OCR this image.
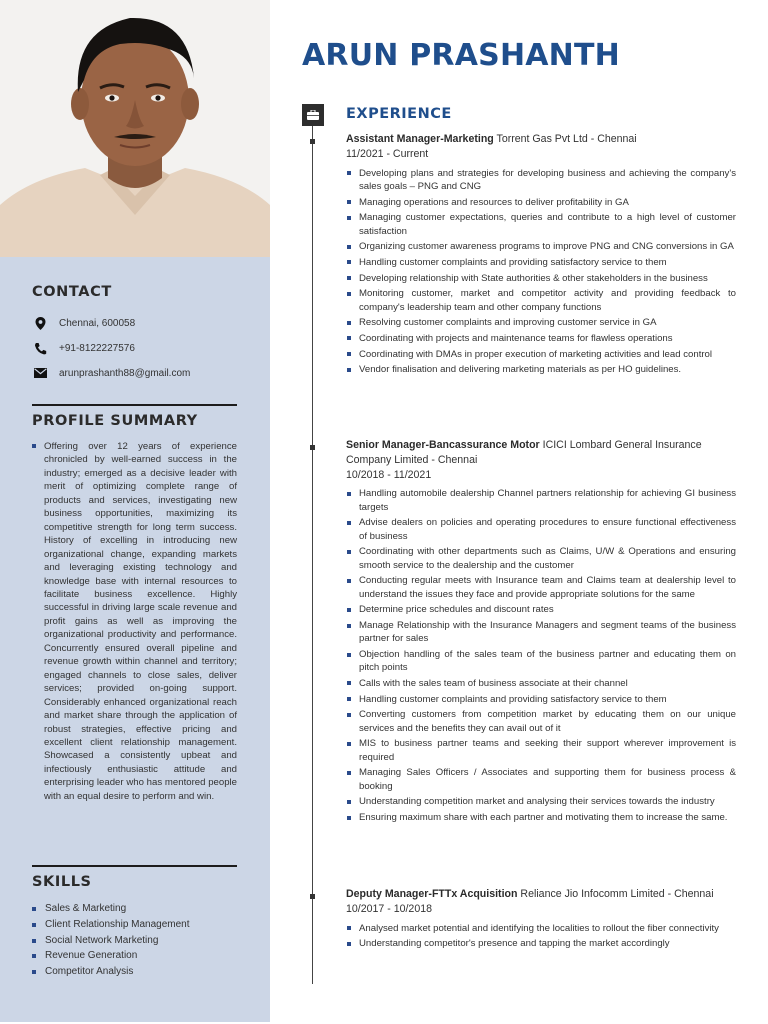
CONTACT
Chennai, 600058
+91-8122227576
arunprashanth88@gmail.com
PROFILE SUMMARY
Offering over 12 years of experience chronicled by well-earned success in the industry; emerged as a decisive leader with merit of optimizing complete range of products and services, investigating new business opportunities, maximizing its competitive strength for long term success. History of excelling in introducing new organizational change, expanding markets and leveraging existing technology and knowledge base with internal resources to facilitate business excellence. Highly successful in driving large scale revenue and profit gains as well as improving the organizational productivity and performance. Concurrently ensured overall pipeline and revenue growth within channel and territory; engaged channels to close sales, deliver services; provided on-going support. Considerably enhanced organizational reach and market share through the application of robust strategies, effective pricing and excellent client relationship management. Showcased a consistently upbeat and infectiously enthusiastic attitude and enterprising leader who has mentored people with an equal desire to perform and win.
SKILLS
Sales & Marketing
Client Relationship Management
Social Network Marketing
Revenue Generation
Competitor Analysis
ARUN PRASHANTH
EXPERIENCE
Assistant Manager-Marketing Torrent Gas Pvt Ltd - Chennai
11/2021 - Current
Developing plans and strategies for developing business and achieving the company's sales goals – PNG and CNG
Managing operations and resources to deliver profitability in GA
Managing customer expectations, queries and contribute to a high level of customer satisfaction
Organizing customer awareness programs to improve PNG and CNG conversions in GA
Handling customer complaints and providing satisfactory service to them
Developing relationship with State authorities & other stakeholders in the business
Monitoring customer, market and competitor activity and providing feedback to company's leadership team and other company functions
Resolving customer complaints and improving customer service in GA
Coordinating with projects and maintenance teams for flawless operations
Coordinating with DMAs in proper execution of marketing activities and lead control
Vendor finalisation and delivering marketing materials as per HO guidelines.
Senior Manager-Bancassurance Motor ICICI Lombard General Insurance Company Limited - Chennai
10/2018 - 11/2021
Handling automobile dealership Channel partners relationship for achieving GI business targets
Advise dealers on policies and operating procedures to ensure functional effectiveness of business
Coordinating with other departments such as Claims, U/W & Operations and ensuring smooth service to the dealership and the customer
Conducting regular meets with Insurance team and Claims team at dealership level to understand the issues they face and provide appropriate solutions for the same
Determine price schedules and discount rates
Manage Relationship with the Insurance Managers and segment teams of the business partner for sales
Objection handling of the sales team of the business partner and educating them on pitch points
Calls with the sales team of business associate at their channel
Handling customer complaints and providing satisfactory service to them
Converting customers from competition market by educating them on our unique services and the benefits they can avail out of it
MIS to business partner teams and seeking their support wherever improvement is required
Managing Sales Officers / Associates and supporting them for business process & booking
Understanding competition market and analysing their services towards the industry
Ensuring maximum share with each partner and motivating them to increase the same.
Deputy Manager-FTTx Acquisition Reliance Jio Infocomm Limited - Chennai
10/2017 - 10/2018
Analysed market potential and identifying the localities to rollout the fiber connectivity
Understanding competitor's presence and tapping the market accordingly
